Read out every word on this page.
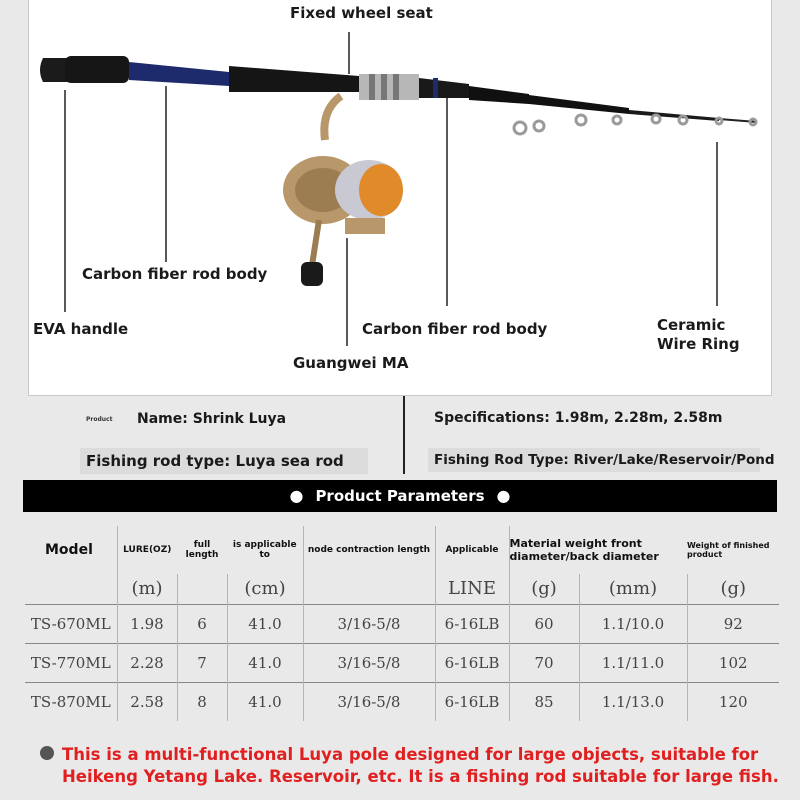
Fixed wheel seat
Carbon fiber rod body
EVA handle	Carbon fiber rod body
Guangwei MA
Ceramic Wire Ring
Product Name: Shrink Luya	Specifications: 1.98m, 2.28m, 2.58m
Fishing rod type: Luya sea rod	Fishing Rod Type: River/Lake/Reservoir/Pond
● Product Parameters ●
Model	LURE(OZ)	full length	is applicable to	node contraction length	Applicable	Material weight front diameter/back diameter		Weight of finished product
	(m)		(cm)		LINE	(g)	(mm)	(g)
TS-670ML	1.98	6	41.0	3/16-5/8	6-16LB	60	1.1/10.0	92
TS-770ML	2.28	7	41.0	3/16-5/8	6-16LB	70	1.1/11.0	102
TS-870ML	2.58	8	41.0	3/16-5/8	6-16LB	85	1.1/13.0	120
This is a multi-functional Luya pole designed for large objects, suitable for Heikeng Yetang Lake. Reservoir, etc. It is a fishing rod suitable for large fish.
